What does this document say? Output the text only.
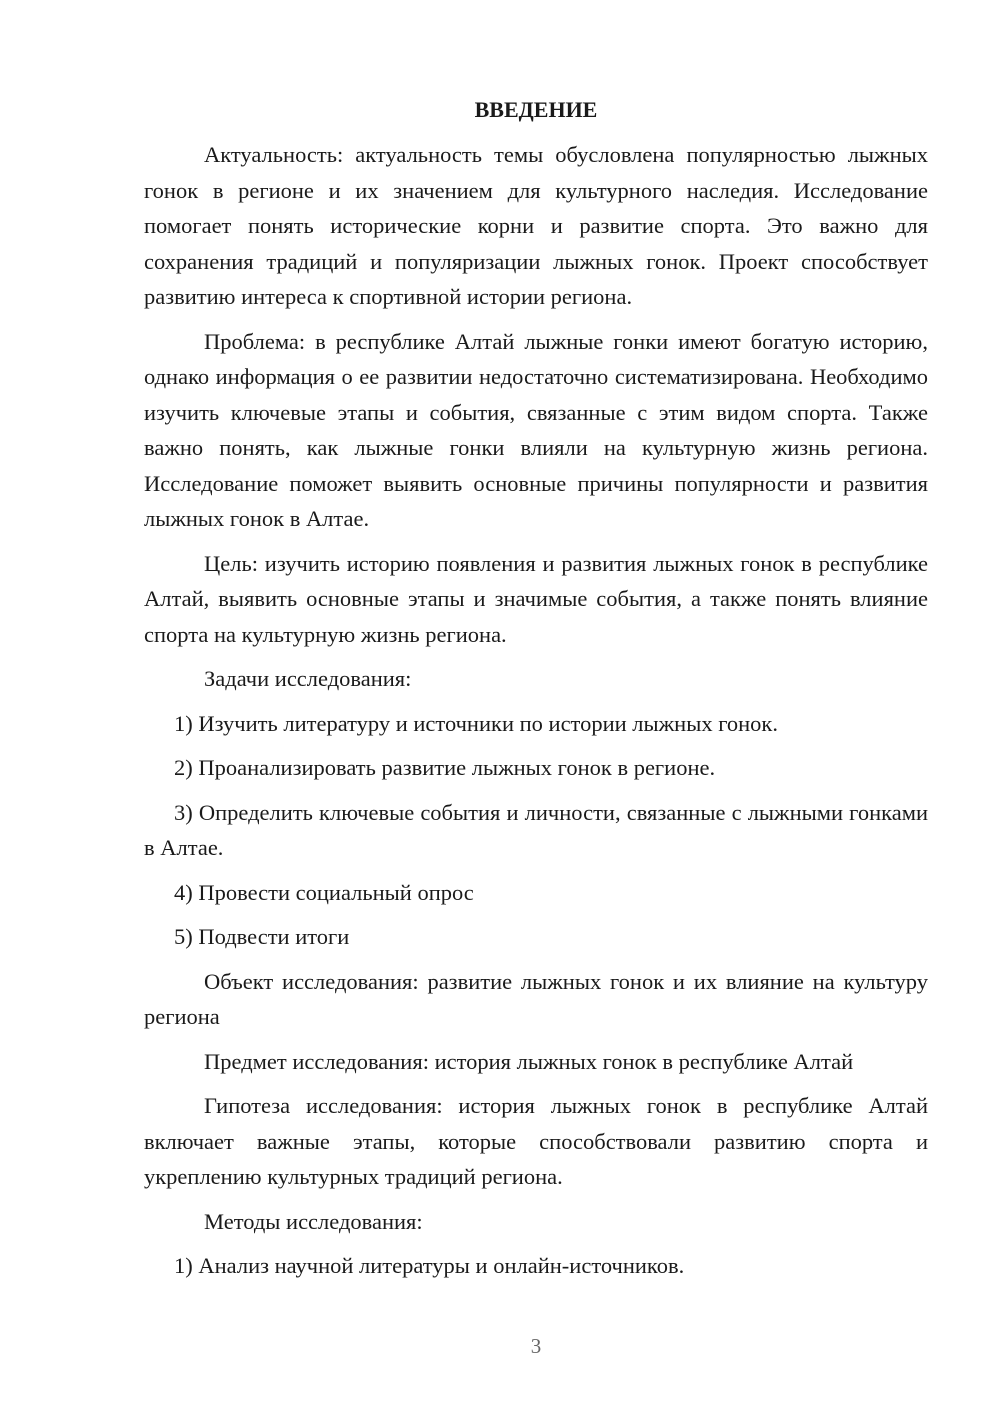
ВВЕДЕНИЕ

Актуальность: актуальность темы обусловлена популярностью лыжных гонок в регионе и их значением для культурного наследия. Исследование помогает понять исторические корни и развитие спорта. Это важно для сохранения традиций и популяризации лыжных гонок. Проект способствует развитию интереса к спортивной истории региона.

Проблема: в республике Алтай лыжные гонки имеют богатую историю, однако информация о ее развитии недостаточно систематизирована. Необходимо изучить ключевые этапы и события, связанные с этим видом спорта. Также важно понять, как лыжные гонки влияли на культурную жизнь региона. Исследование поможет выявить основные причины популярности и развития лыжных гонок в Алтае.

Цель: изучить историю появления и развития лыжных гонок в республике Алтай, выявить основные этапы и значимые события, а также понять влияние спорта на культурную жизнь региона.

Задачи исследования:

1) Изучить литературу и источники по истории лыжных гонок.

2) Проанализировать развитие лыжных гонок в регионе.

3) Определить ключевые события и личности, связанные с лыжными гонками в Алтае.

4) Провести социальный опрос

5) Подвести итоги

Объект исследования: развитие лыжных гонок и их влияние на культуру региона

Предмет исследования: история лыжных гонок в республике Алтай

Гипотеза исследования: история лыжных гонок в республике Алтай включает важные этапы, которые способствовали развитию спорта и укреплению культурных традиций региона.

Методы исследования:

1) Анализ научной литературы и онлайн-источников.

3
